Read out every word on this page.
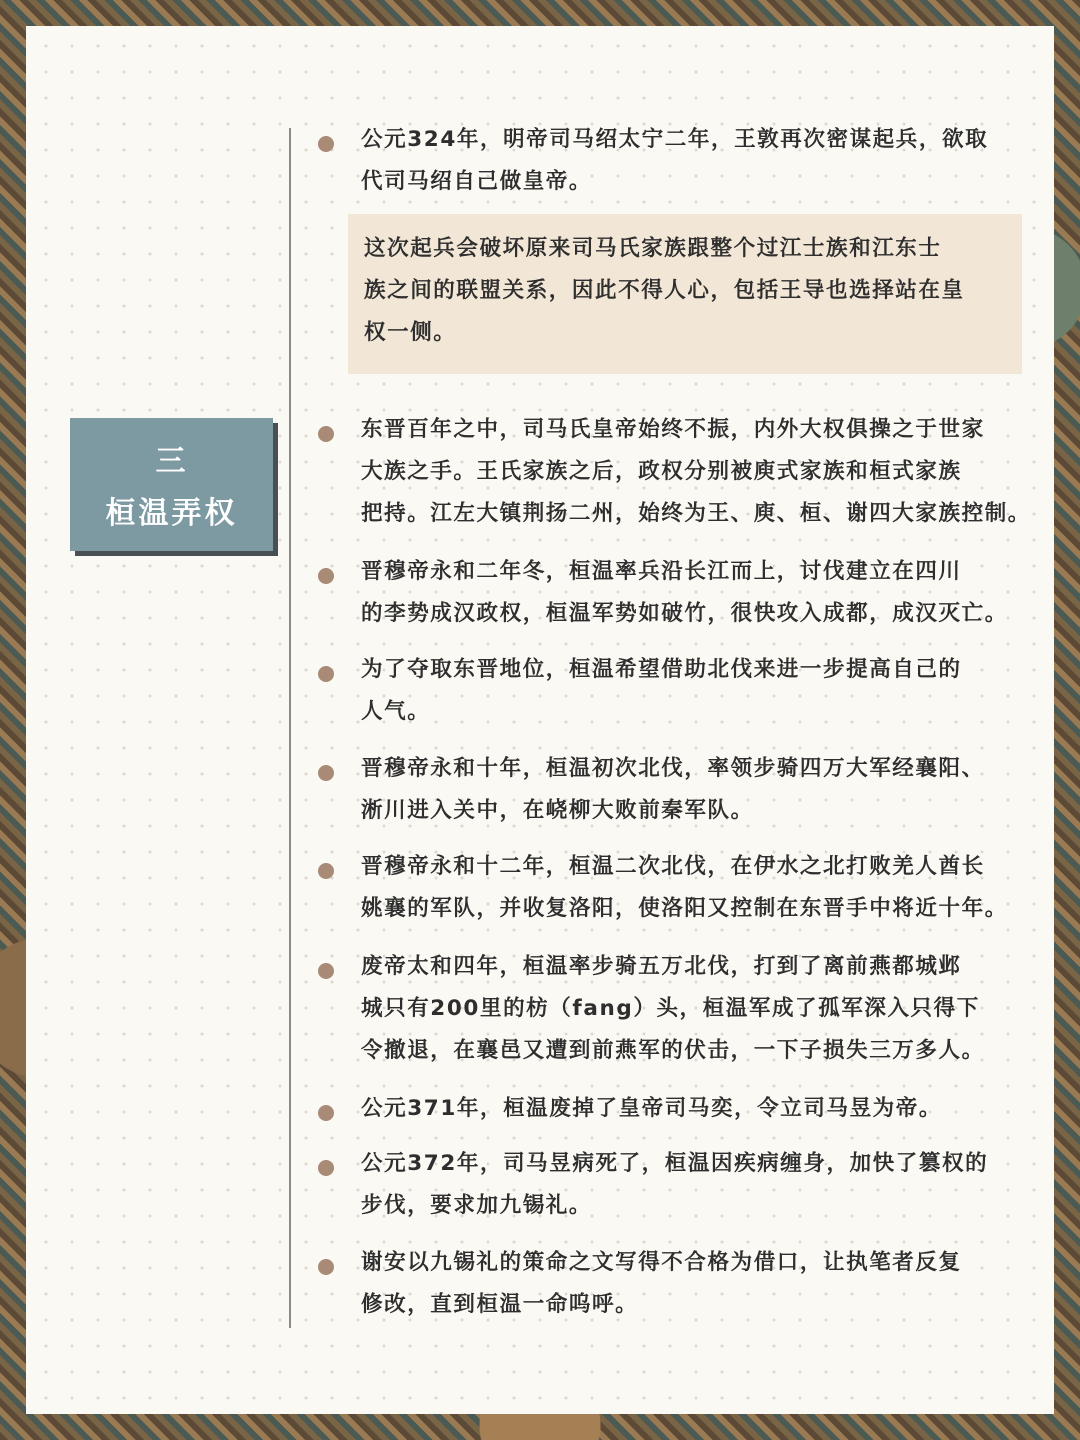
三
桓温弄权
公元324年，明帝司马绍太宁二年，王敦再次密谋起兵，欲取
代司马绍自己做皇帝。
这次起兵会破坏原来司马氏家族跟整个过江士族和江东士
族之间的联盟关系，因此不得人心，包括王导也选择站在皇
权一侧。
东晋百年之中，司马氏皇帝始终不振，内外大权俱操之于世家
大族之手。王氏家族之后，政权分别被庾式家族和桓式家族
把持。江左大镇荆扬二州，始终为王、庾、桓、谢四大家族控制。
晋穆帝永和二年冬，桓温率兵沿长江而上，讨伐建立在四川
的李势成汉政权，桓温军势如破竹，很快攻入成都，成汉灭亡。
为了夺取东晋地位，桓温希望借助北伐来进一步提高自己的
人气。
晋穆帝永和十年，桓温初次北伐，率领步骑四万大军经襄阳、
淅川进入关中，在峣柳大败前秦军队。
晋穆帝永和十二年，桓温二次北伐，在伊水之北打败羌人酋长
姚襄的军队，并收复洛阳，使洛阳又控制在东晋手中将近十年。
废帝太和四年，桓温率步骑五万北伐，打到了离前燕都城邺
城只有200里的枋（fang）头，桓温军成了孤军深入只得下
令撤退，在襄邑又遭到前燕军的伏击，一下子损失三万多人。
公元371年，桓温废掉了皇帝司马奕，令立司马昱为帝。
公元372年，司马昱病死了，桓温因疾病缠身，加快了篡权的
步伐，要求加九锡礼。
谢安以九锡礼的策命之文写得不合格为借口，让执笔者反复
修改，直到桓温一命呜呼。
